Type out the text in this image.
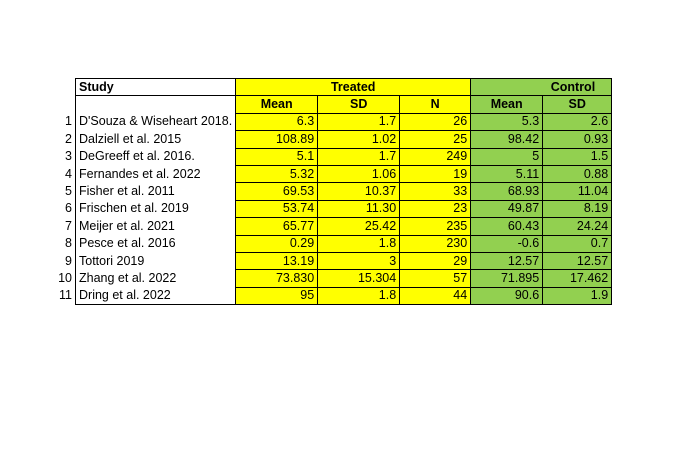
	Study	Treated			Control	
		Mean	SD	N	Mean	SD
1	D'Souza & Wiseheart 2018.	6.3	1.7	26	5.3	2.6
2	Dalziell et al. 2015	108.89	1.02	25	98.42	0.93
3	DeGreeff et al. 2016.	5.1	1.7	249	5	1.5
4	Fernandes et al. 2022	5.32	1.06	19	5.11	0.88
5	Fisher et al. 2011	69.53	10.37	33	68.93	11.04
6	Frischen et al. 2019	53.74	11.30	23	49.87	8.19
7	Meijer et al. 2021	65.77	25.42	235	60.43	24.24
8	Pesce et al. 2016	0.29	1.8	230	-0.6	0.7
9	Tottori 2019	13.19	3	29	12.57	12.57
10	Zhang et al. 2022	73.830	15.304	57	71.895	17.462
11	Dring et al. 2022	95	1.8	44	90.6	1.9
